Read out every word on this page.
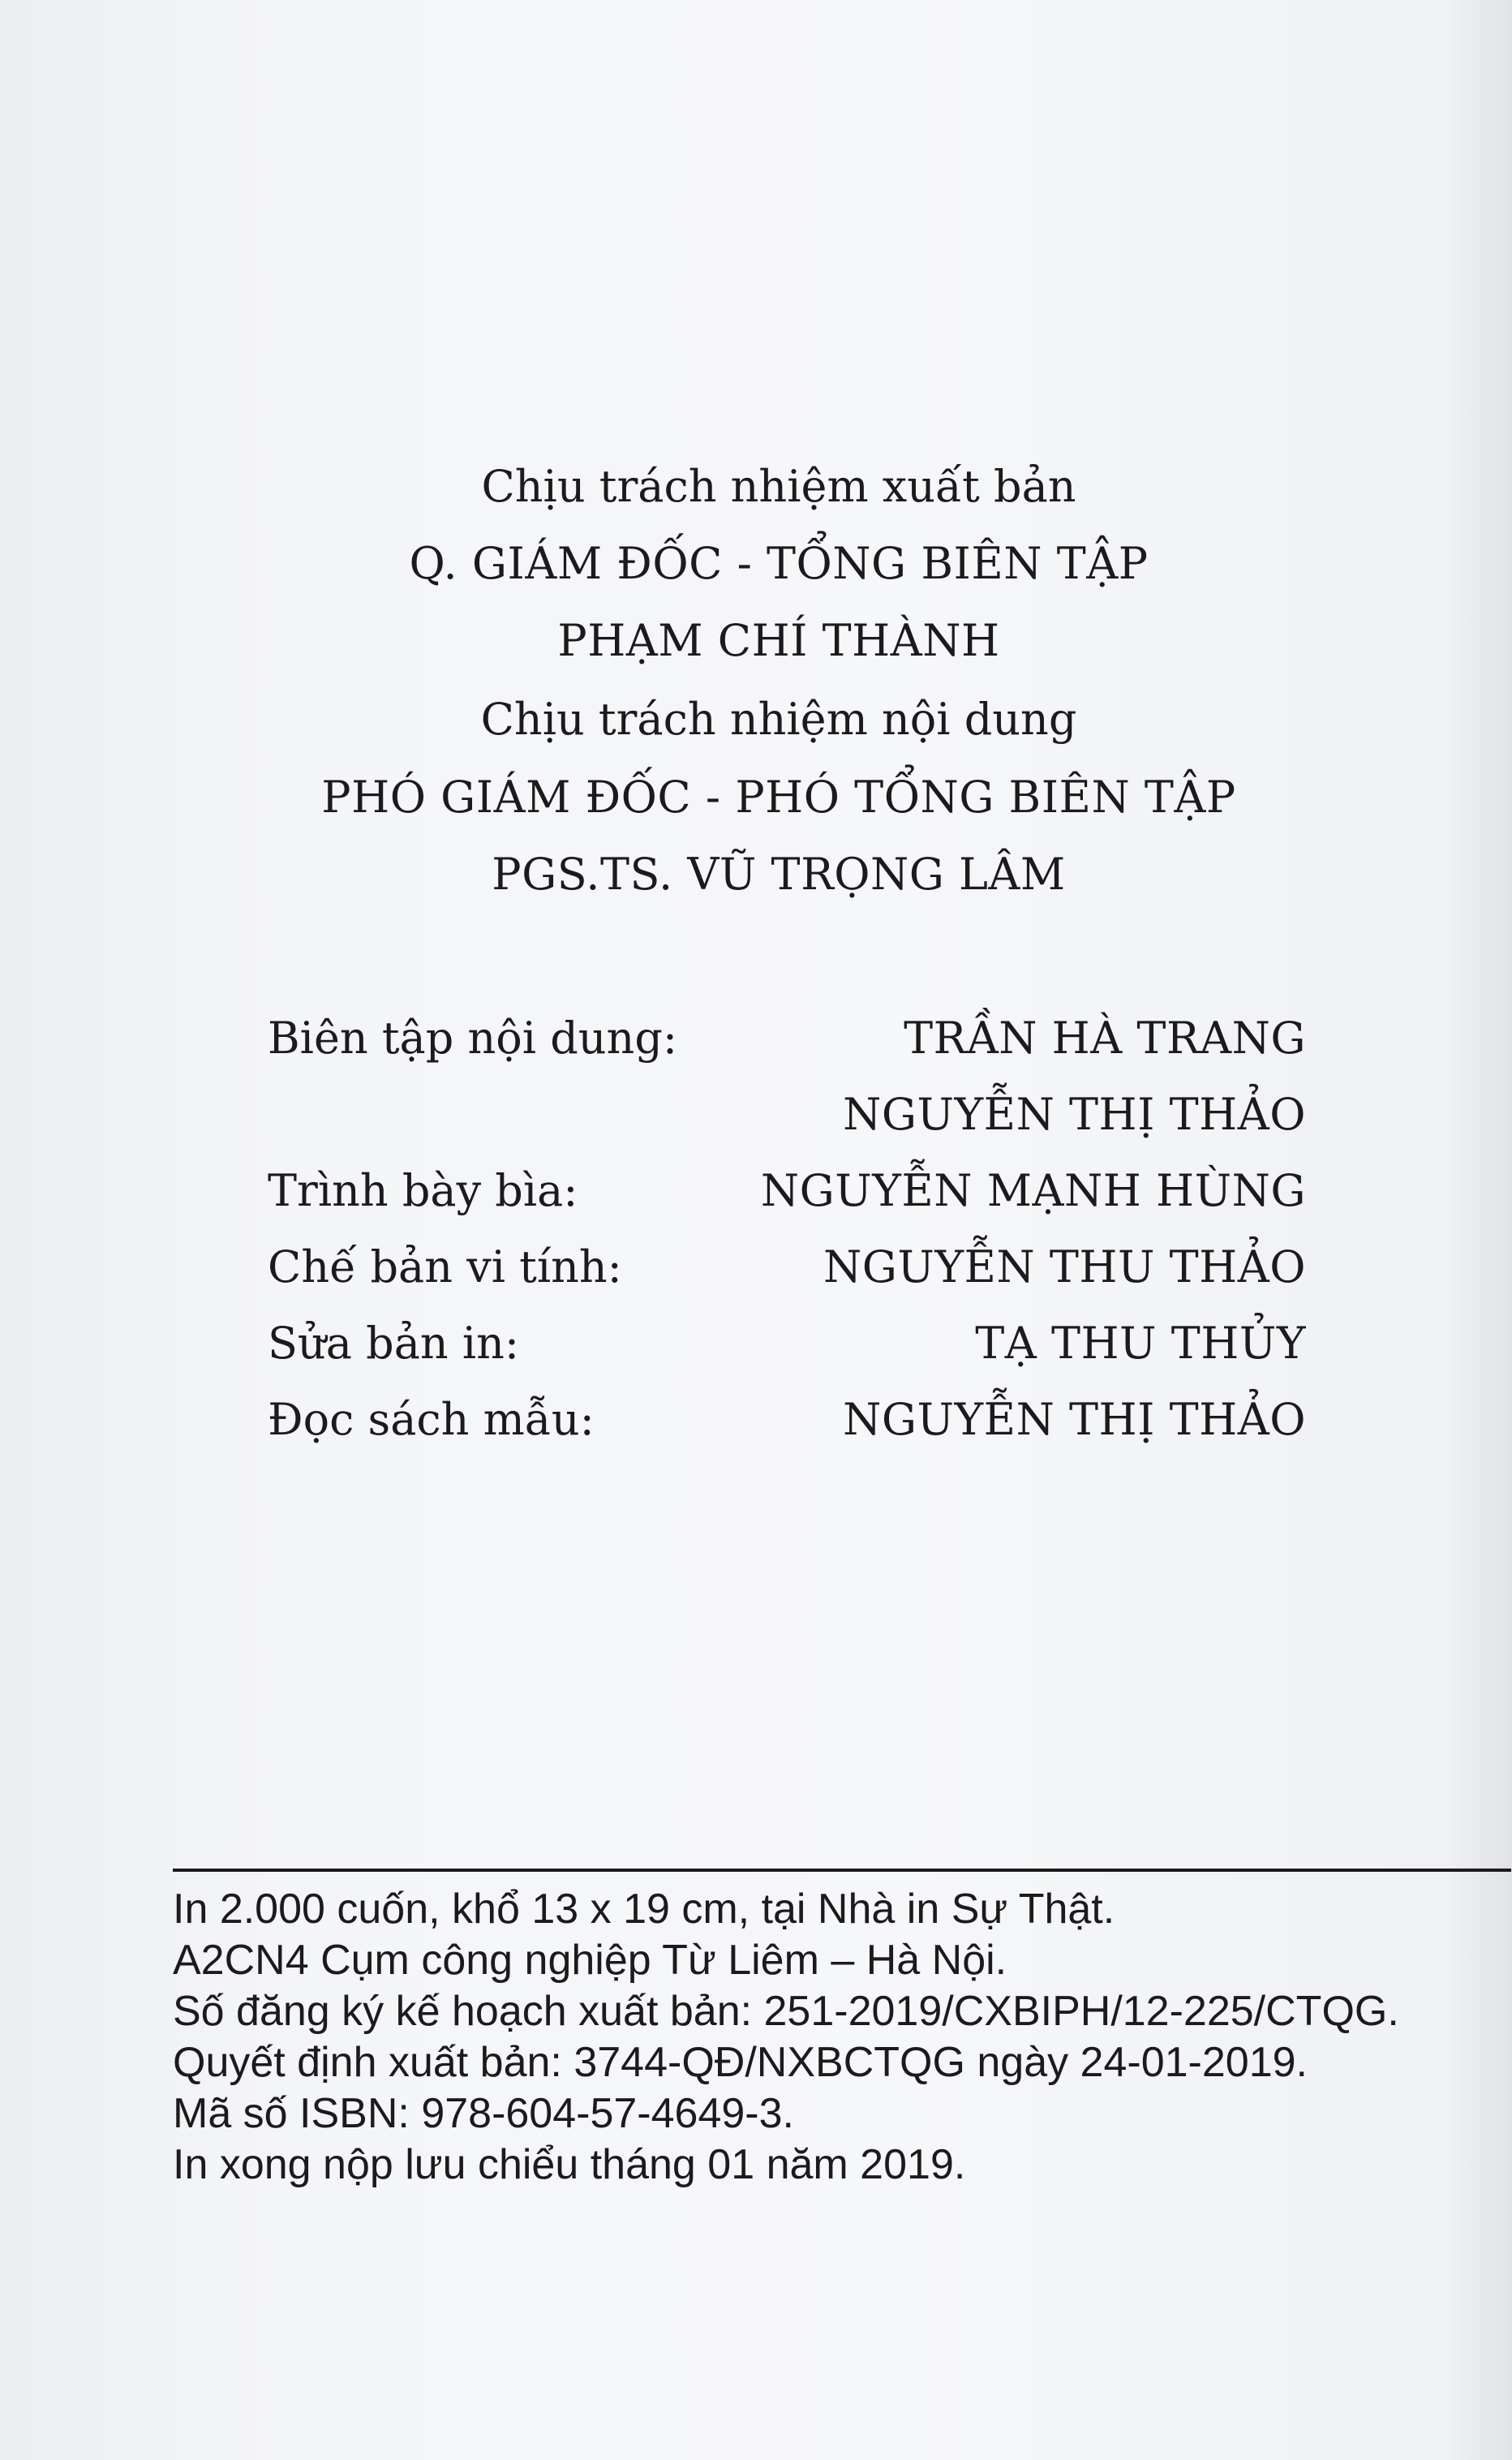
Chịu trách nhiệm xuất bản
Q. GIÁM ĐỐC - TỔNG BIÊN TẬP
PHẠM CHÍ THÀNH
Chịu trách nhiệm nội dung
PHÓ GIÁM ĐỐC - PHÓ TỔNG BIÊN TẬP
PGS.TS. VŨ TRỌNG LÂM
Biên tập nội dung:	TRẦN HÀ TRANG
NGUYỄN THỊ THẢO
Trình bày bìa:	NGUYỄN MẠNH HÙNG
Chế bản vi tính:	NGUYỄN THU THẢO
Sửa bản in:	TẠ THU THỦY
Đọc sách mẫu:	NGUYỄN THỊ THẢO
In 2.000 cuốn, khổ 13 x 19 cm, tại Nhà in Sự Thật.
A2CN4 Cụm công nghiệp Từ Liêm – Hà Nội.
Số đăng ký kế hoạch xuất bản: 251-2019/CXBIPH/12-225/CTQG.
Quyết định xuất bản: 3744-QĐ/NXBCTQG ngày 24-01-2019.
Mã số ISBN: 978-604-57-4649-3.
In xong nộp lưu chiểu tháng 01 năm 2019.
